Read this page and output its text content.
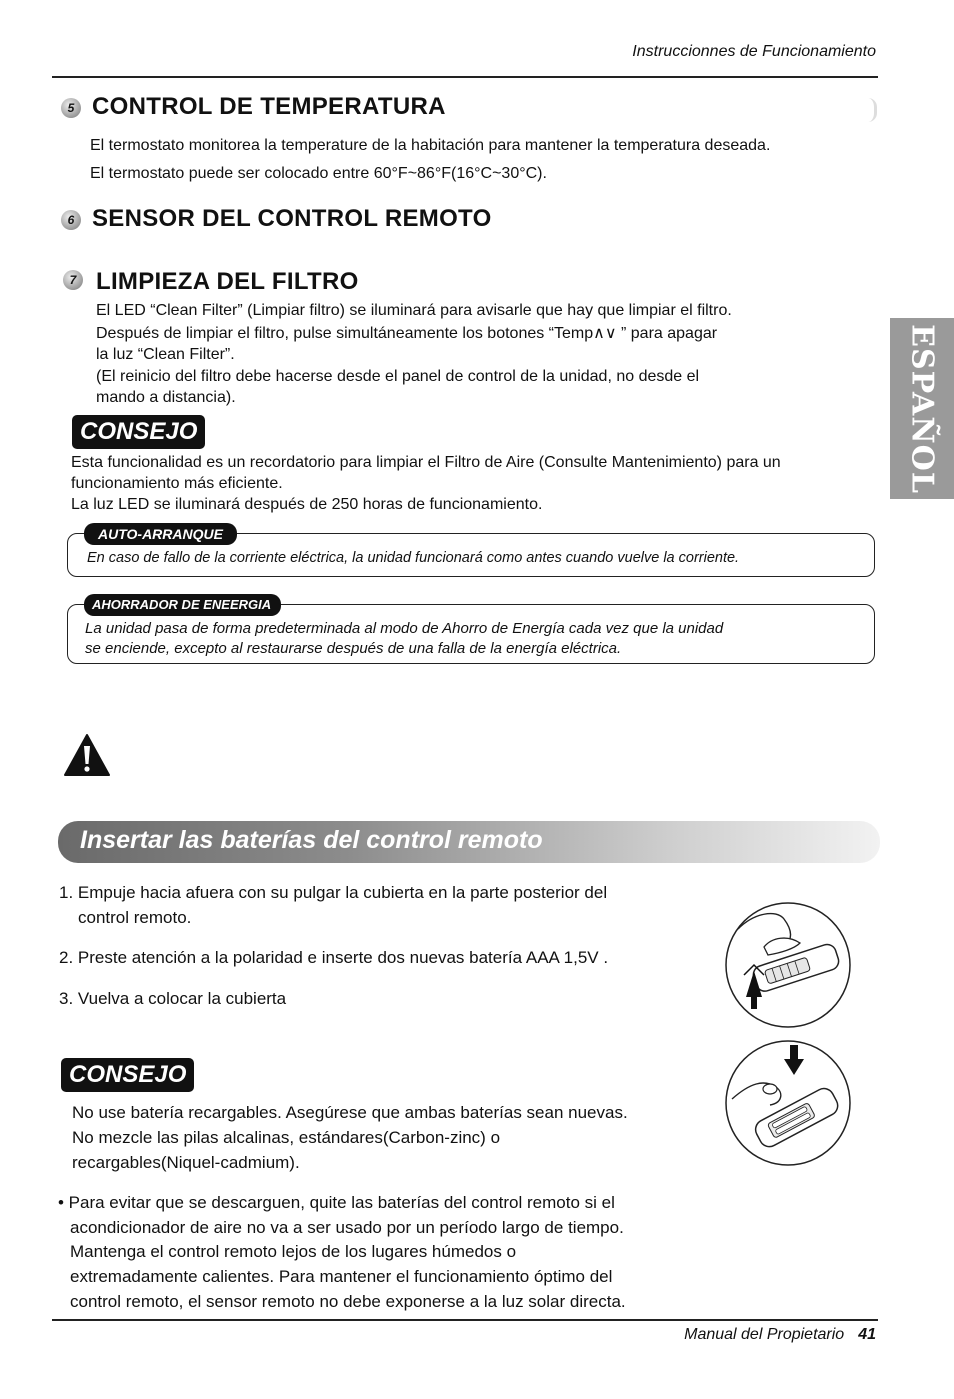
Instruccionnes de Funcionamiento
ESPAÑOL
5 CONTROL DE TEMPERATURA
El termostato monitorea la temperature de la habitación para mantener la temperatura deseada.
El termostato puede ser colocado entre 60°F~86°F(16°C~30°C).
6 SENSOR DEL CONTROL REMOTO
7 LIMPIEZA DEL FILTRO
El LED “Clean Filter” (Limpiar filtro) se iluminará para avisarle que hay que limpiar el filtro.
Después de limpiar el filtro, pulse simultáneamente los botones “Temp∧∨ ” para apagar
la luz “Clean Filter”.
(El reinicio del filtro debe hacerse desde el panel de control de la unidad, no desde el
mando a distancia).
CONSEJO
Esta funcionalidad es un recordatorio para limpiar el Filtro de Aire (Consulte Mantenimiento) para un
funcionamiento más eficiente.
La luz LED se iluminará después de 250 horas de funcionamiento.
AUTO-ARRANQUE
En caso de fallo de la corriente eléctrica, la unidad funcionará como antes cuando vuelve la corriente.
AHORRADOR DE ENEERGIA
La unidad pasa de forma predeterminada al modo de Ahorro de Energía cada vez que la unidad
se enciende, excepto al restaurarse después de una falla de la energía eléctrica.
Insertar las baterías del control remoto
1. Empuje hacia afuera con su pulgar la cubierta en la parte posterior del
control remoto.
2. Preste atención a la polaridad e inserte dos nuevas batería AAA 1,5V .
3. Vuelva a colocar la cubierta
CONSEJO
No use batería recargables. Asegúrese que ambas baterías sean nuevas.
No mezcle las pilas alcalinas, estándares(Carbon-zinc) o
recargables(Niquel-cadmium).
• Para evitar que se descarguen, quite las baterías del control remoto si el
acondicionador de aire no va a ser usado por un período largo de tiempo.
Mantenga el control remoto lejos de los lugares húmedos o
extremadamente calientes. Para mantener el funcionamiento óptimo del
control remoto, el sensor remoto no debe exponerse a la luz solar directa.
Manual del Propietario 41
